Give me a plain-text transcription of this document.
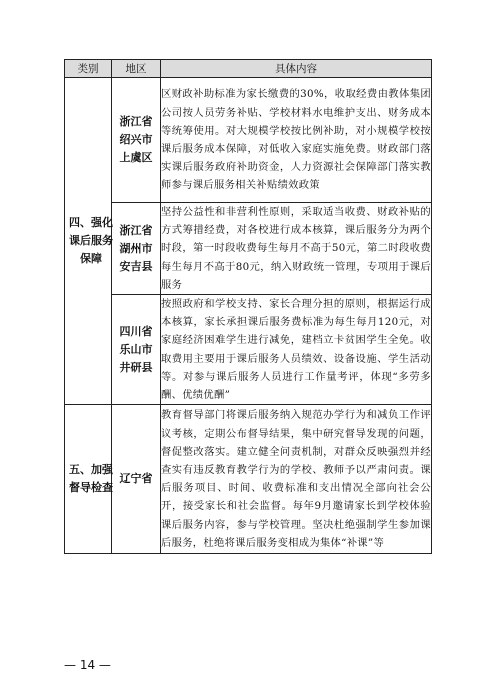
类别	地区	具体内容
四、强化课后服务保障	浙江省绍兴市上虞区	区财政补助标准为家长缴费的30%，收取经费由教体集团公司按人员劳务补贴、学校材料水电维护支出、财务成本等统筹使用。对大规模学校按比例补助，对小规模学校按课后服务成本保障，对低收入家庭实施免费。财政部门落实课后服务政府补助资金，人力资源社会保障部门落实教师参与课后服务相关补贴绩效政策
	浙江省湖州市安吉县	坚持公益性和非营利性原则，采取适当收费、财政补贴的方式筹措经费，对各校进行成本核算，课后服务分为两个时段，第一时段收费每生每月不高于50元，第二时段收费每生每月不高于80元，纳入财政统一管理，专项用于课后服务
	四川省乐山市井研县	按照政府和学校支持、家长合理分担的原则，根据运行成本核算，家长承担课后服务费标准为每生每月120元，对家庭经济困难学生进行减免，建档立卡贫困学生全免。收取费用主要用于课后服务人员绩效、设备设施、学生活动等。对参与课后服务人员进行工作量考评，体现“多劳多酬、优绩优酬”
五、加强督导检查	辽宁省	教育督导部门将课后服务纳入规范办学行为和减负工作评议考核，定期公布督导结果，集中研究督导发现的问题，督促整改落实。建立健全问责机制，对群众反映强烈并经查实有违反教育教学行为的学校、教师予以严肃问责。课后服务项目、时间、收费标准和支出情况全部向社会公开，接受家长和社会监督。每年9月邀请家长到学校体验课后服务内容，参与学校管理。坚决杜绝强制学生参加课后服务，杜绝将课后服务变相成为集体“补课”等
— 14 —
